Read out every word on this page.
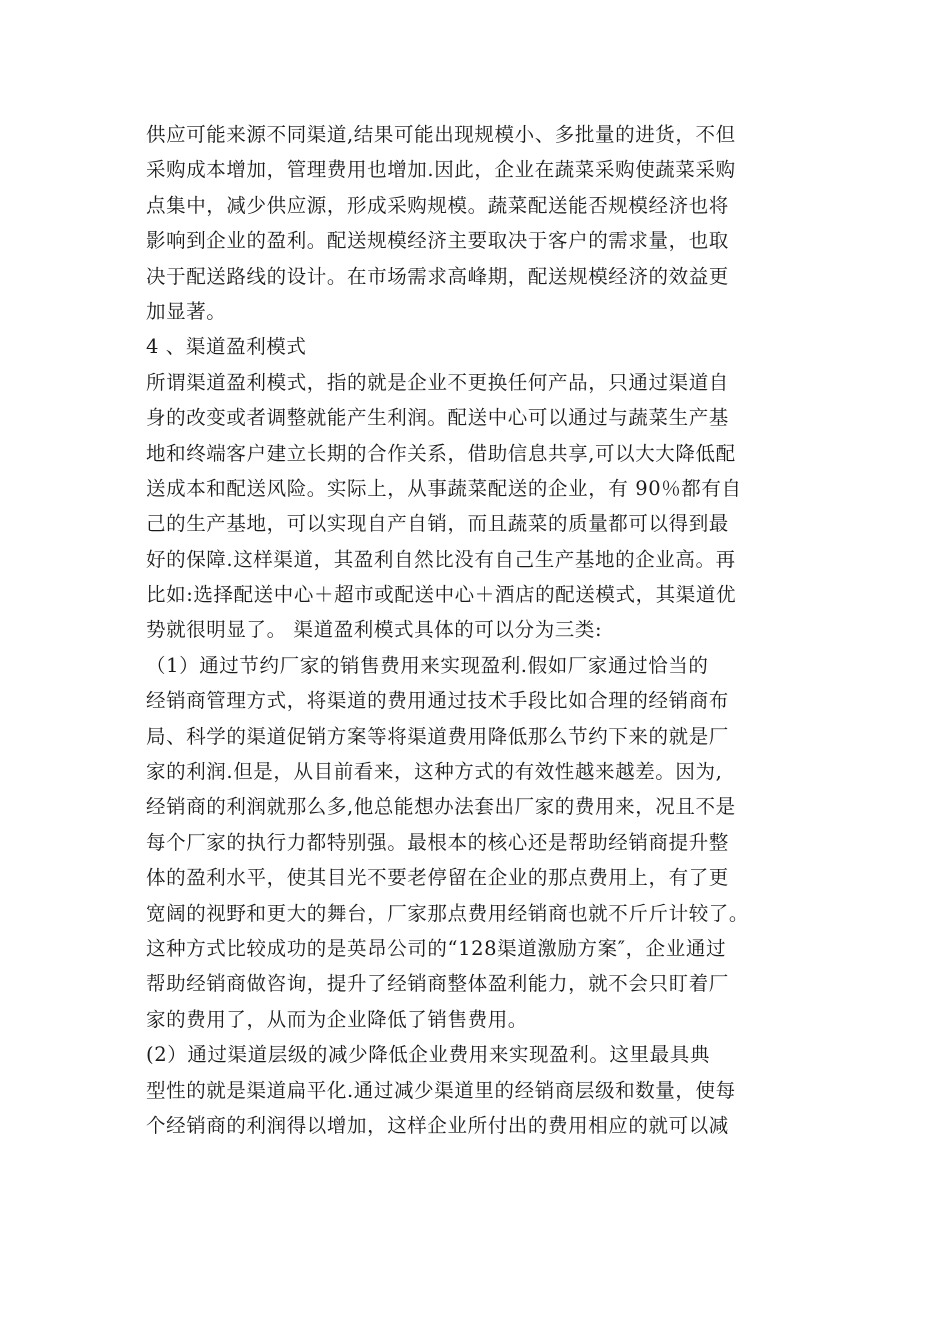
供应可能来源不同渠道,结果可能出现规模小、多批量的进货，不但
采购成本增加，管理费用也增加.因此，企业在蔬菜采购使蔬菜采购
点集中，减少供应源，形成采购规模。蔬菜配送能否规模经济也将
影响到企业的盈利。配送规模经济主要取决于客户的需求量，也取
决于配送路线的设计。在市场需求高峰期，配送规模经济的效益更
加显著。
4 、渠道盈利模式
所谓渠道盈利模式，指的就是企业不更换任何产品，只通过渠道自
身的改变或者调整就能产生利润。配送中心可以通过与蔬菜生产基
地和终端客户建立长期的合作关系，借助信息共享,可以大大降低配
送成本和配送风险。实际上，从事蔬菜配送的企业，有 90％都有自
己的生产基地，可以实现自产自销，而且蔬菜的质量都可以得到最
好的保障.这样渠道，其盈利自然比没有自己生产基地的企业高。再
比如:选择配送中心＋超市或配送中心＋酒店的配送模式，其渠道优
势就很明显了。 渠道盈利模式具体的可以分为三类:
（1）通过节约厂家的销售费用来实现盈利.假如厂家通过恰当的
经销商管理方式，将渠道的费用通过技术手段比如合理的经销商布
局、科学的渠道促销方案等将渠道费用降低那么节约下来的就是厂
家的利润.但是，从目前看来，这种方式的有效性越来越差。因为,
经销商的利润就那么多,他总能想办法套出厂家的费用来，况且不是
每个厂家的执行力都特别强。最根本的核心还是帮助经销商提升整
体的盈利水平，使其目光不要老停留在企业的那点费用上，有了更
宽阔的视野和更大的舞台，厂家那点费用经销商也就不斤斤计较了。
这种方式比较成功的是英昂公司的“128渠道激励方案″，企业通过
帮助经销商做咨询，提升了经销商整体盈利能力，就不会只盯着厂
家的费用了，从而为企业降低了销售费用。
(2）通过渠道层级的减少降低企业费用来实现盈利。这里最具典
型性的就是渠道扁平化.通过减少渠道里的经销商层级和数量，使每
个经销商的利润得以增加，这样企业所付出的费用相应的就可以减
